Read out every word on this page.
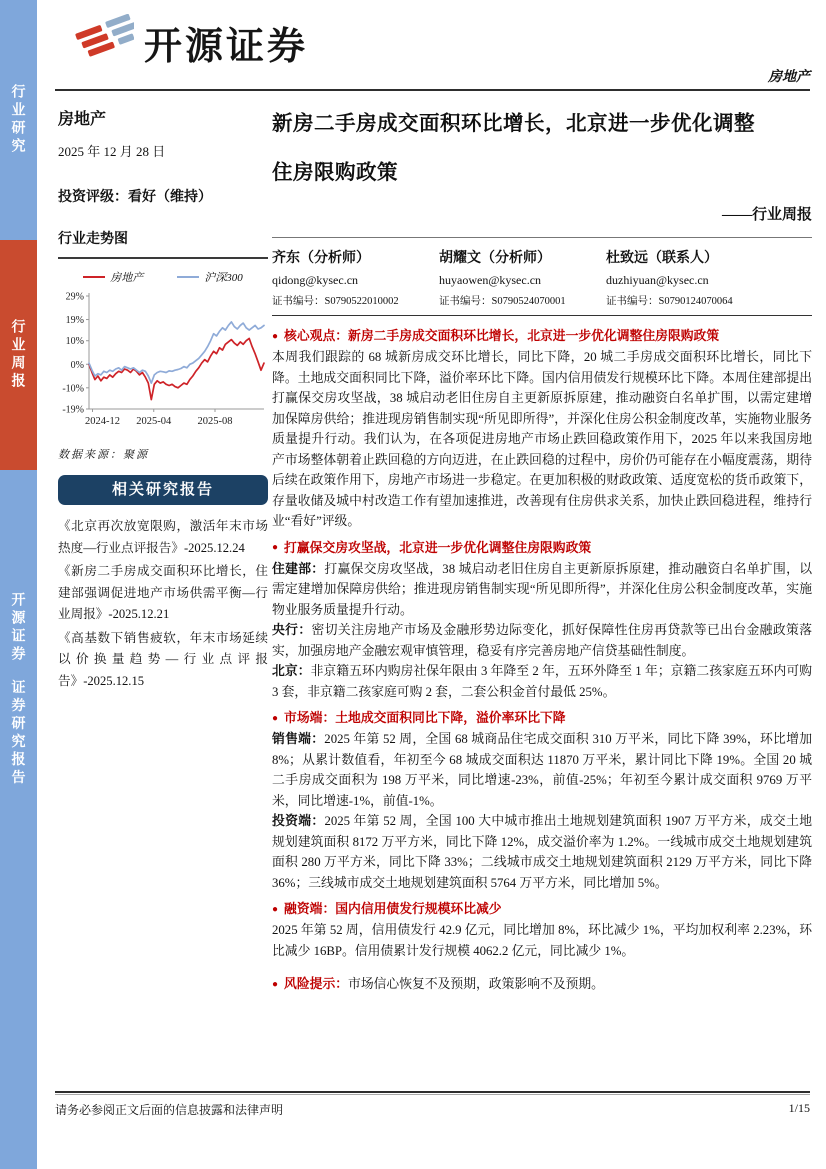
行业研究
行业周报
开源证券  证券研究报告
开源证券
房地产
房地产
2025 年 12 月 28 日
投资评级：看好（维持）
行业走势图
房地产	沪深300
29%
19%
10%
0%
-10%
-19%
2024-12 2025-04	2025-08
数据来源：聚源
相关研究报告

《北京再次放宽限购，激活年末市场热度—行业点评报告》-2025.12.24

《新房二手房成交面积环比增长，住建部强调促进地产市场供需平衡—行业周报》-2025.12.21

《高基数下销售疲软，年末市场延续以价换量趋势—行业点评报告》-2025.12.15

新房二手房成交面积环比增长，北京进一步优化调整
住房限购政策
——行业周报
齐东（分析师）
qidong@kysec.cn
证书编号：S0790522010002
胡耀文（分析师）
huyaowen@kysec.cn
证书编号：S0790524070001
杜致远（联系人）
duzhiyuan@kysec.cn
证书编号：S0790124070064

● 核心观点：新房二手房成交面积环比增长，北京进一步优化调整住房限购政策

本周我们跟踪的 68 城新房成交环比增长，同比下降，20 城二手房成交面积环比增长，同比下降。土地成交面积同比下降，溢价率环比下降。国内信用债发行规模环比下降。本周住建部提出打赢保交房攻坚战，38 城启动老旧住房自主更新原拆原建，推动融资白名单扩围，以需定建增加保障房供给；推进现房销售制实现“所见即所得”，并深化住房公积金制度改革，实施物业服务质量提升行动。我们认为，在各项促进房地产市场止跌回稳政策作用下，2025 年以来我国房地产市场整体朝着止跌回稳的方向迈进，在止跌回稳的过程中，房价仍可能存在小幅度震荡，期待后续在政策作用下，房地产市场进一步稳定。在更加积极的财政政策、适度宽松的货币政策下，存量收储及城中村改造工作有望加速推进，改善现有住房供求关系，加快止跌回稳进程，维持行业“看好”评级。

● 打赢保交房攻坚战，北京进一步优化调整住房限购政策

住建部：打赢保交房攻坚战，38 城启动老旧住房自主更新原拆原建，推动融资白名单扩围，以需定建增加保障房供给；推进现房销售制实现“所见即所得”，并深化住房公积金制度改革，实施物业服务质量提升行动。

央行：密切关注房地产市场及金融形势边际变化，抓好保障性住房再贷款等已出台金融政策落实，加强房地产金融宏观审慎管理，稳妥有序完善房地产信贷基础性制度。

北京：非京籍五环内购房社保年限由 3 年降至 2 年，五环外降至 1 年；京籍二孩家庭五环内可购 3 套，非京籍二孩家庭可购 2 套，二套公积金首付最低 25%。

● 市场端：土地成交面积同比下降，溢价率环比下降

销售端：2025 年第 52 周，全国 68 城商品住宅成交面积 310 万平米，同比下降 39%，环比增加 8%；从累计数值看，年初至今 68 城成交面积达 11870 万平米，累计同比下降 19%。全国 20 城二手房成交面积为 198 万平米，同比增速-23%，前值-25%；年初至今累计成交面积 9769 万平米，同比增速-1%，前值-1%。

投资端：2025 年第 52 周，全国 100 大中城市推出土地规划建筑面积 1907 万平方米，成交土地规划建筑面积 8172 万平方米，同比下降 12%，成交溢价率为 1.2%。一线城市成交土地规划建筑面积 280 万平方米，同比下降 33%；二线城市成交土地规划建筑面积 2129 万平方米，同比下降 36%；三线城市成交土地规划建筑面积 5764 万平方米，同比增加 5%。

● 融资端：国内信用债发行规模环比减少

2025 年第 52 周，信用债发行 42.9 亿元，同比增加 8%，环比减少 1%，平均加权利率 2.23%，环比减少 16BP。信用债累计发行规模 4062.2 亿元，同比减少 1%。

● 风险提示：市场信心恢复不及预期，政策影响不及预期。

请务必参阅正文后面的信息披露和法律声明	1/15
